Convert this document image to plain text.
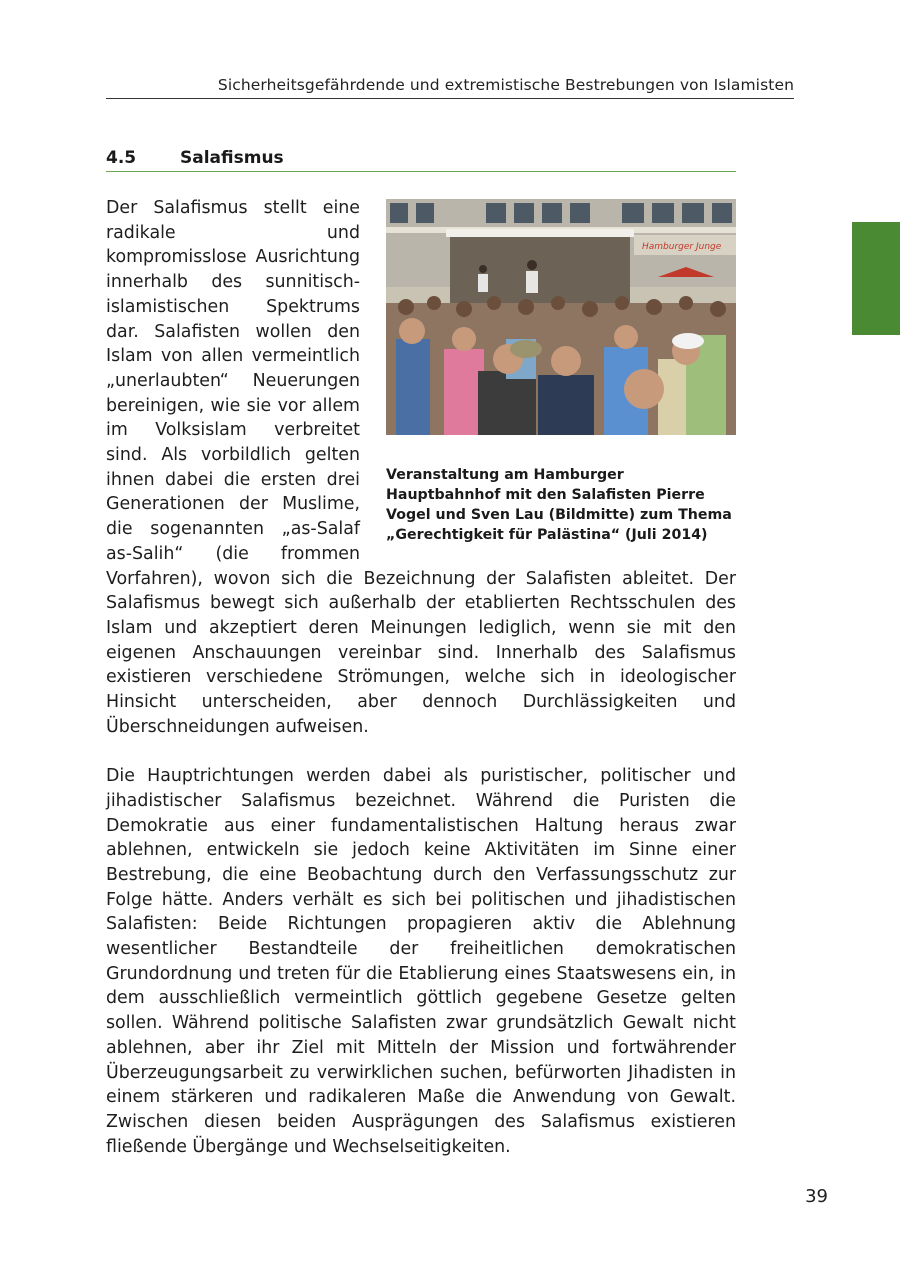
Sicherheitsgefährdende und extremistische Bestrebungen von Islamisten
4.5	Salafismus
Hamburger Junge
Veranstaltung am Hamburger Hauptbahnhof mit den Salafisten Pierre Vogel und Sven Lau (Bildmitte) zum Thema „Gerechtigkeit für Palästina“ (Juli 2014)

Der Salafismus stellt eine radikale und kompromisslose Ausrichtung innerhalb des sunnitisch-islamistischen Spektrums dar. Salafisten wollen den Islam von allen vermeintlich „unerlaubten“ Neuerungen bereinigen, wie sie vor allem im Volksislam verbreitet sind. Als vorbildlich gelten ihnen dabei die ersten drei Generationen der Muslime, die sogenannten „as-Salaf as-Salih“ (die frommen Vorfahren), wovon sich die Bezeichnung der Salafisten ableitet. Der Salafismus bewegt sich außerhalb der etablierten Rechtsschulen des Islam und akzeptiert deren Meinungen lediglich, wenn sie mit den eigenen Anschauungen vereinbar sind. Innerhalb des Salafismus existieren verschiedene Strömungen, welche sich in ideologischer Hinsicht unterscheiden, aber dennoch Durchlässigkeiten und Überschneidungen aufweisen.

Die Hauptrichtungen werden dabei als puristischer, politischer und jihadistischer Salafismus bezeichnet. Während die Puristen die Demokratie aus einer fundamentalistischen Haltung heraus zwar ablehnen, entwickeln sie jedoch keine Aktivitäten im Sinne einer Bestrebung, die eine Beobachtung durch den Verfassungsschutz zur Folge hätte. Anders verhält es sich bei politischen und jihadistischen Salafisten: Beide Richtungen propagieren aktiv die Ablehnung wesentlicher Bestandteile der freiheitlichen demokratischen Grundordnung und treten für die Etablierung eines Staatswesens ein, in dem ausschließlich vermeintlich göttlich gegebene Gesetze gelten sollen. Während politische Salafisten zwar grundsätzlich Gewalt nicht ablehnen, aber ihr Ziel mit Mitteln der Mission und fortwährender Überzeugungsarbeit zu verwirklichen suchen, befürworten Jihadisten in einem stärkeren und radikaleren Maße die Anwendung von Gewalt. Zwischen diesen beiden Ausprägungen des Salafismus existieren fließende Übergänge und Wechselseitigkeiten.

39
